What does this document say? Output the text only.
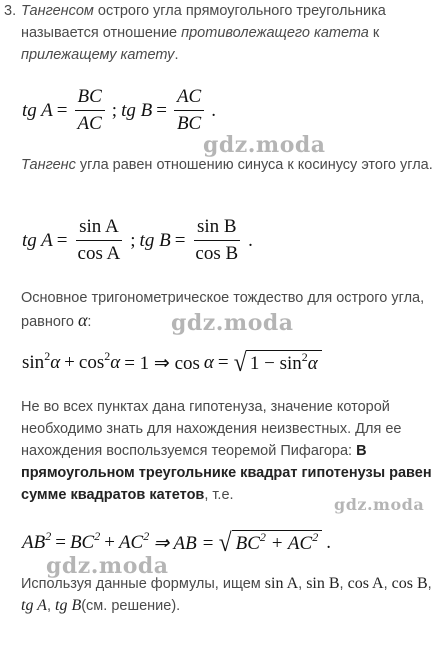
3. Тангенсом острого угла прямоугольного треугольника называется отношение противолежащего катета к прилежащему катету.
tg $A = \frac{BC}{AC}$ ; tg $B = \frac{AC}{BC}$ .
Тангенс угла равен отношению синуса к косинусу этого угла.
tg $A = \frac{\text{sin A}}{\text{cos A}}$ ; tg $B = \frac{\text{sin B}}{\text{cos B}}$ .
Основное тригонометрическое тождество для острого угла, равного α:
$\sin^2\alpha + \cos^2\alpha = 1$ ⇒ cos α = √ $1 - \sin^2\alpha$
Не во всех пунктах дана гипотенуза, значение которой необходимо знать для нахождения неизвестных. Для ее нахождения воспользуемся теоремой Пифагора: В прямоугольном треугольнике квадрат гипотенузы равен сумме квадратов катетов, т.е.
$AB^2 = BC^2 + AC^2$ ⇒ AB = √ $BC^2 + AC^2$ .
Используя данные формулы, ищем sin A, sin B, cos A, cos B, tg A, tg B(см. решение).
gdz.moda
gdz.moda
gdz.moda
gdz.moda
